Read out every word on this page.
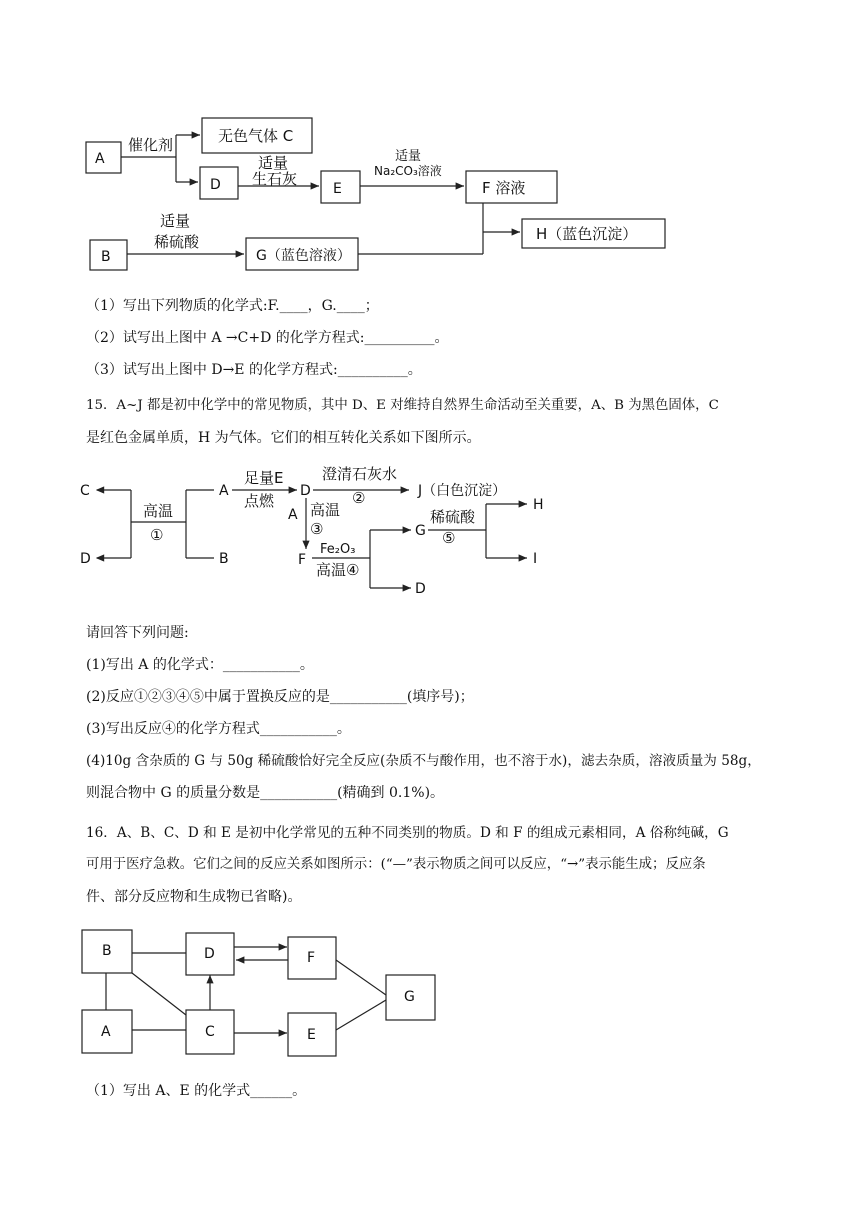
A
无色气体 C
D	E	F 溶液
H（蓝色沉淀）
B	G（蓝色溶液）
催化剂
适量
生石灰
适量
Na₂CO₃溶液
适量
稀硫酸
（1）写出下列物质的化学式:F.____，G.____；
（2）试写出上图中 A →C+D 的化学方程式:__________。
（3）试写出上图中 D→E 的化学方程式:__________。
15．A~J 都是初中化学中的常见物质，其中 D、E 对维持自然界生命活动至关重要，A、B 为黑色固体，C
是红色金属单质，H 为气体。它们的相互转化关系如下图所示。
C
D
高温
①
A
B
足量E
点燃
D
澄清石灰水
②	J（白色沉淀）
A 高温
③
F
Fe₂O₃
高温④
G
D
稀硫酸
⑤
H
I
请回答下列问题:
(1)写出 A 的化学式：___________。
(2)反应①②③④⑤中属于置换反应的是___________(填序号)；
(3)写出反应④的化学方程式___________。
(4)10g 含杂质的 G 与 50g 稀硫酸恰好完全反应(杂质不与酸作用，也不溶于水)，滤去杂质，溶液质量为 58g，
则混合物中 G 的质量分数是___________(精确到 0.1%)。
16．A、B、C、D 和 E 是初中化学常见的五种不同类别的物质。D 和 F 的组成元素相同，A 俗称纯碱，G
可用于医疗急救。它们之间的反应关系如图所示：(“—”表示物质之间可以反应，“→”表示能生成；反应条
件、部分反应物和生成物已省略)。
B	D	F
G
A	C	E
（1）写出 A、E 的化学式______。
